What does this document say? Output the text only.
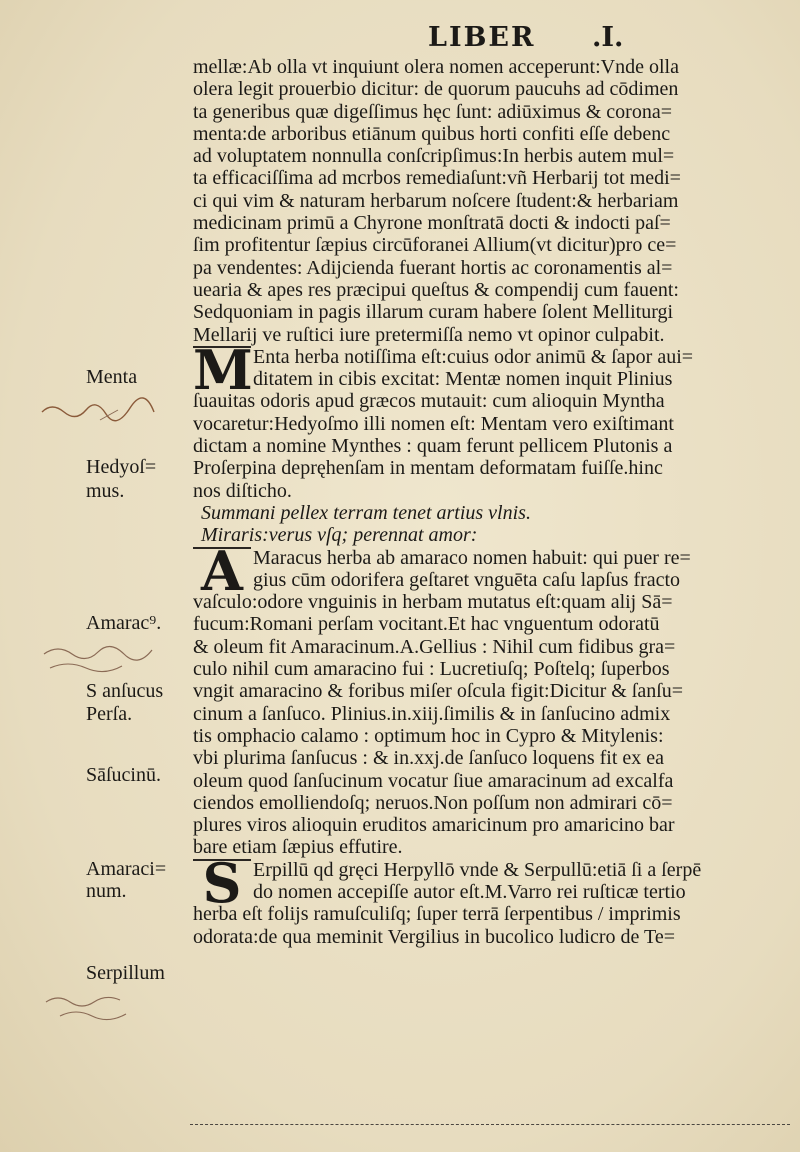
LIBER .I.
mellæ:Ab olla vt inquiunt olera nomen acceperunt:Vnde olla
olera legit prouerbio dicitur: de quorum paucuhs ad cōdimen
ta generibus quæ digeſſimus hęc ſunt: adiūximus & corona=
menta:de arboribus etiānum quibus horti confiti eſſe debenc
ad voluptatem nonnulla conſcripſimus:In herbis autem mul=
ta efficaciſſima ad mcrbos remediaſunt:vñ Herbarij tot medi=
ci qui vim & naturam herbarum noſcere ſtudent:& herbariam
medicinam primū a Chyrone monſtratā docti & indocti paſ=
ſim profitentur ſæpius circūforanei Allium(vt dicitur)pro ce=
pa vendentes: Adijcienda fuerant hortis ac coronamentis al=
uearia & apes res præcipui queſtus & compendij cum fauent:
Sedquoniam in pagis illarum curam habere ſolent Melliturgi
Mellarij ve ruſtici iure pretermiſſa nemo vt opinor culpabit.
M Enta herba notiſſima eſt:cuius odor animū & ſapor aui=
ditatem in cibis excitat: Mentæ nomen inquit Plinius
ſuauitas odoris apud græcos mutauit: cum alioquin Myntha
vocaretur:Hedyoſmo illi nomen eſt: Mentam vero exiſtimant
dictam a nomine Mynthes : quam ferunt pellicem Plutonis a
Proſerpina depręhenſam in mentam deformatam fuiſſe.hinc
nos diſticho.
Summani pellex terram tenet artius vlnis.
Miraris:verus vſq; perennat amor:
A Maracus herba ab amaraco nomen habuit: qui puer re=
gius cūm odorifera geſtaret vnguēta caſu lapſus fracto
vaſculo:odore vnguinis in herbam mutatus eſt:quam alij Sā=
fucum:Romani perſam vocitant.Et hac vnguentum odoratū
& oleum fit Amaracinum.A.Gellius : Nihil cum fidibus gra=
culo nihil cum amaracino fui : Lucretiuſq; Poſtelq; ſuperbos
vngit amaracino & foribus miſer oſcula figit:Dicitur & ſanſu=
cinum a ſanſuco. Plinius.in.xiij.ſimilis & in ſanſucino admix
tis omphacio calamo : optimum hoc in Cypro & Mitylenis:
vbi plurima ſanſucus : & in.xxj.de ſanſuco loquens fit ex ea
oleum quod ſanſucinum vocatur ſiue amaracinum ad excalfa
ciendos emolliendoſq; neruos.Non poſſum non admirari cō=
plures viros alioquin eruditos amaricinum pro amaricino bar
bare etiam ſæpius effutire.
S Erpillū qd gręci Herpyllō vnde & Serpullū:etiā ſi a ſerpē
do nomen accepiſſe autor eſt.M.Varro rei ruſticæ tertio
herba eſt folijs ramuſculiſq; ſuper terrā ſerpentibus / imprimis
odorata:de qua meminit Vergilius in bucolico ludicro de Te=
Menta
Hedyoſ=
mus.
Amarac⁹.
S anſucus
Perſa.
Sāſucinū.
Amaraci=
num.
Serpillum
